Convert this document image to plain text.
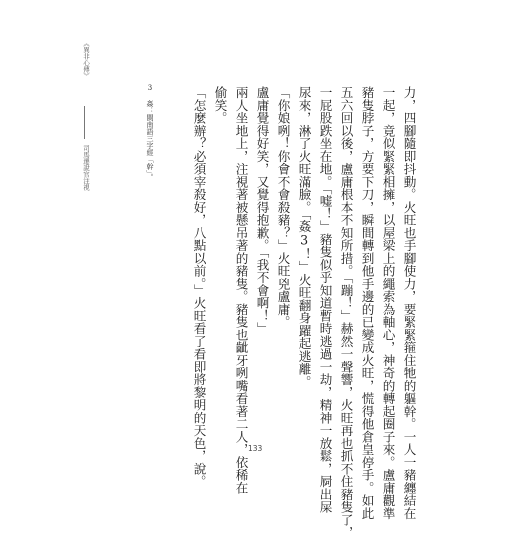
《異非心傳》
司馬遷說官注視	3 姦：閩南語三字經「幹」。	力，四腳隨即抖動。火旺也手腳使力，要緊緊箍住牠的軀幹。一人一豬纏結在
一起，竟似緊緊相擁，以屋梁上的繩索為軸心，神奇的轉起圈子來。盧庸觀準
豬隻脖子，方要下刀，瞬間轉到他手邊的已變成火旺，慌得他倉皇停手。如此
五六回以後，盧庸根本不知所措。「蹦！」赫然一聲響，火旺再也抓不住豬隻了，
一屁股跌坐在地。「嘘！」豬隻似乎知道暫時逃過一劫，精神一放鬆，屙出屎
尿來，淋了火旺滿臉。「姦3！」火旺翻身躍起逃離。
「你娘咧！你會不會殺豬？」火旺兇盧庸。
盧庸覺得好笑，又覺得抱歉。「我不會啊！」
兩人坐地上，注視著被懸吊著的豬隻。豬隻也齜牙咧嘴看著二人，依稀在
偷笑。
「怎麼辦？必須宰殺好，八點以前。」火旺看了看即將黎明的天色，說。	133
